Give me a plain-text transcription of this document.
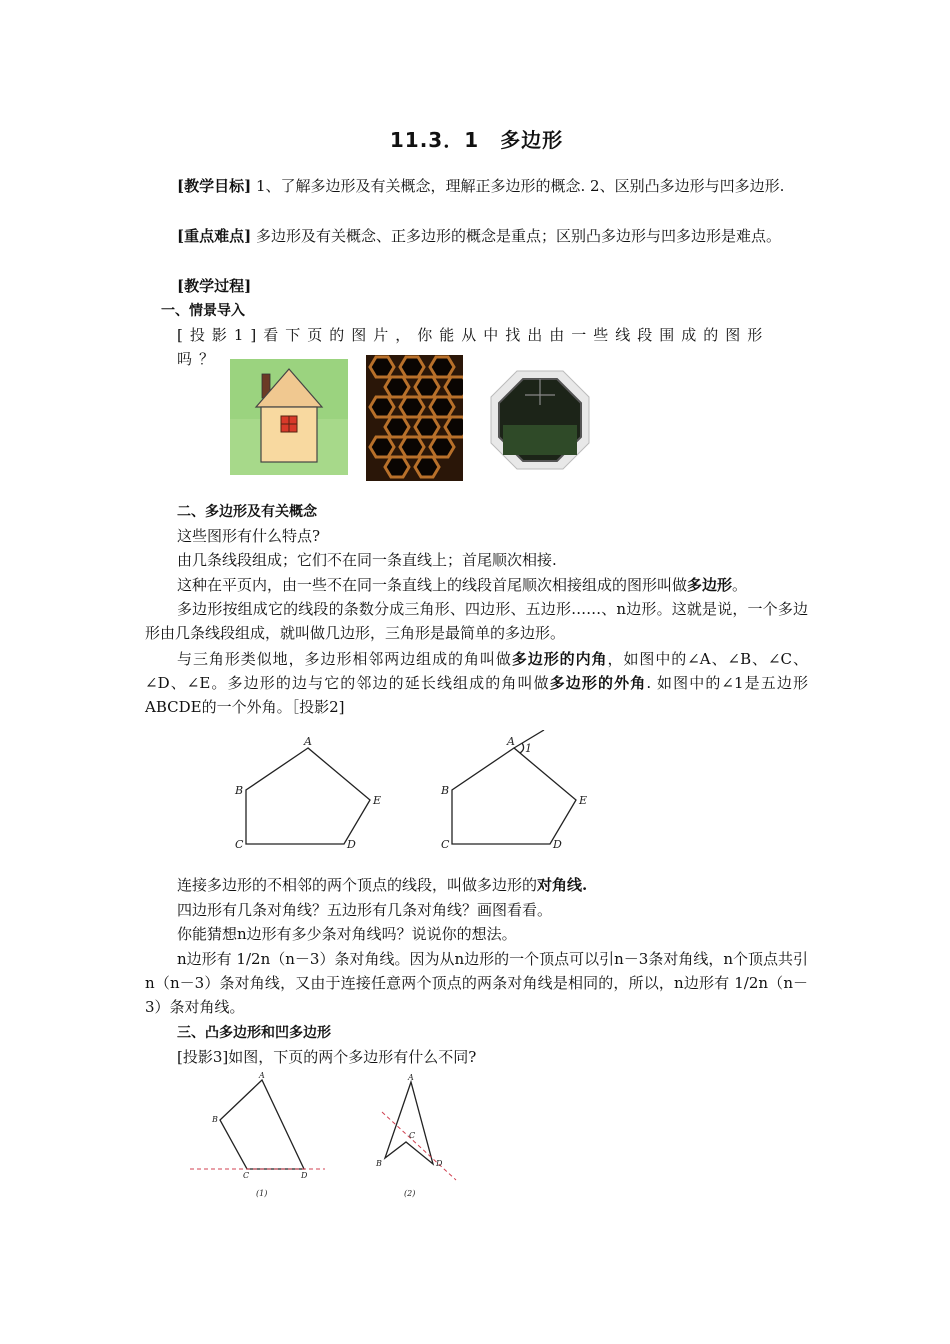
11.3．1　多边形
[教学目标] 1、了解多边形及有关概念，理解正多边形的概念. 2、区别凸多边形与凹多边形.
[重点难点] 多边形及有关概念、正多边形的概念是重点；区别凸多边形与凹多边形是难点。
[教学过程]
一、情景导入
[投影1]看下页的图片，你能从中找出由一些线段围成的图形吗？
二、多边形及有关概念
这些图形有什么特点?
由几条线段组成；它们不在同一条直线上；首尾顺次相接.
这种在平页内，由一些不在同一条直线上的线段首尾顺次相接组成的图形叫做多边形。
多边形按组成它的线段的条数分成三角形、四边形、五边形……、n边形。这就是说，一个多边形由几条线段组成，就叫做几边形，三角形是最简单的多边形。
与三角形类似地，多边形相邻两边组成的角叫做多边形的内角，如图中的∠A、∠B、∠C、∠D、∠E。多边形的边与它的邻边的延长线组成的角叫做多边形的外角. 如图中的∠1是五边形ABCDE的一个外角。［投影2]
A
B
C	D
E
A
B
C	D
E
1
连接多边形的不相邻的两个顶点的线段，叫做多边形的对角线.
四边形有几条对角线？五边形有几条对角线？画图看看。
你能猜想n边形有多少条对角线吗？说说你的想法。
n边形有 1/2n（n－3）条对角线。因为从n边形的一个顶点可以引n－3条对角线，n个顶点共引n（n－3）条对角线，又由于连接任意两个顶点的两条对角线是相同的，所以，n边形有 1/2n（n－3）条对角线。
三、凸多边形和凹多边形
[投影3]如图，下页的两个多边形有什么不同?
A
B
C	D
A
B
C
D
(1)	(2)
